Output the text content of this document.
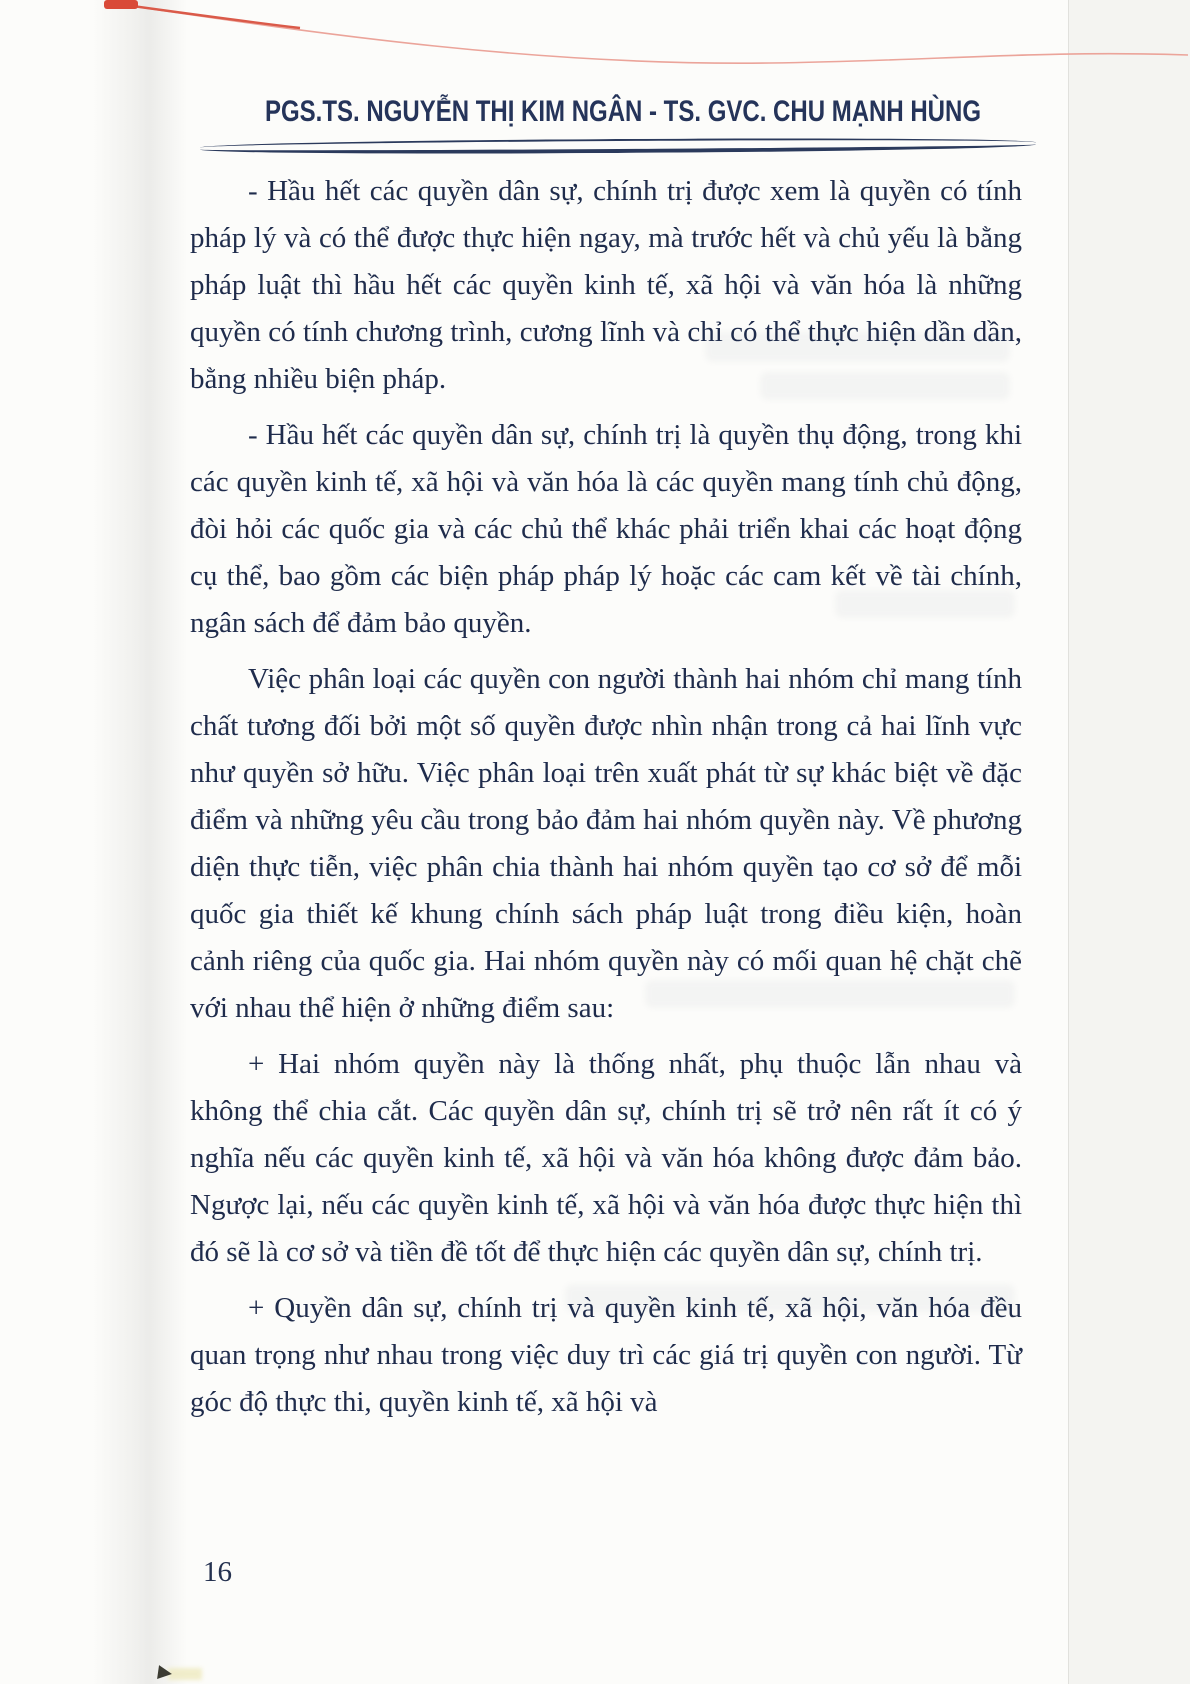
PGS.TS. NGUYỄN THỊ KIM NGÂN - TS. GVC. CHU MẠNH HÙNG

- Hầu hết các quyền dân sự, chính trị được xem là quyền có tính pháp lý và có thể được thực hiện ngay, mà trước hết và chủ yếu là bằng pháp luật thì hầu hết các quyền kinh tế, xã hội và văn hóa là những quyền có tính chương trình, cương lĩnh và chỉ có thể thực hiện dần dần, bằng nhiều biện pháp.

- Hầu hết các quyền dân sự, chính trị là quyền thụ động, trong khi các quyền kinh tế, xã hội và văn hóa là các quyền mang tính chủ động, đòi hỏi các quốc gia và các chủ thể khác phải triển khai các hoạt động cụ thể, bao gồm các biện pháp pháp lý hoặc các cam kết về tài chính, ngân sách để đảm bảo quyền.

Việc phân loại các quyền con người thành hai nhóm chỉ mang tính chất tương đối bởi một số quyền được nhìn nhận trong cả hai lĩnh vực như quyền sở hữu. Việc phân loại trên xuất phát từ sự khác biệt về đặc điểm và những yêu cầu trong bảo đảm hai nhóm quyền này. Về phương diện thực tiễn, việc phân chia thành hai nhóm quyền tạo cơ sở để mỗi quốc gia thiết kế khung chính sách pháp luật trong điều kiện, hoàn cảnh riêng của quốc gia. Hai nhóm quyền này có mối quan hệ chặt chẽ với nhau thể hiện ở những điểm sau:

+ Hai nhóm quyền này là thống nhất, phụ thuộc lẫn nhau và không thể chia cắt. Các quyền dân sự, chính trị sẽ trở nên rất ít có ý nghĩa nếu các quyền kinh tế, xã hội và văn hóa không được đảm bảo. Ngược lại, nếu các quyền kinh tế, xã hội và văn hóa được thực hiện thì đó sẽ là cơ sở và tiền đề tốt để thực hiện các quyền dân sự, chính trị.

+ Quyền dân sự, chính trị và quyền kinh tế, xã hội, văn hóa đều quan trọng như nhau trong việc duy trì các giá trị quyền con người. Từ góc độ thực thi, quyền kinh tế, xã hội và

16
